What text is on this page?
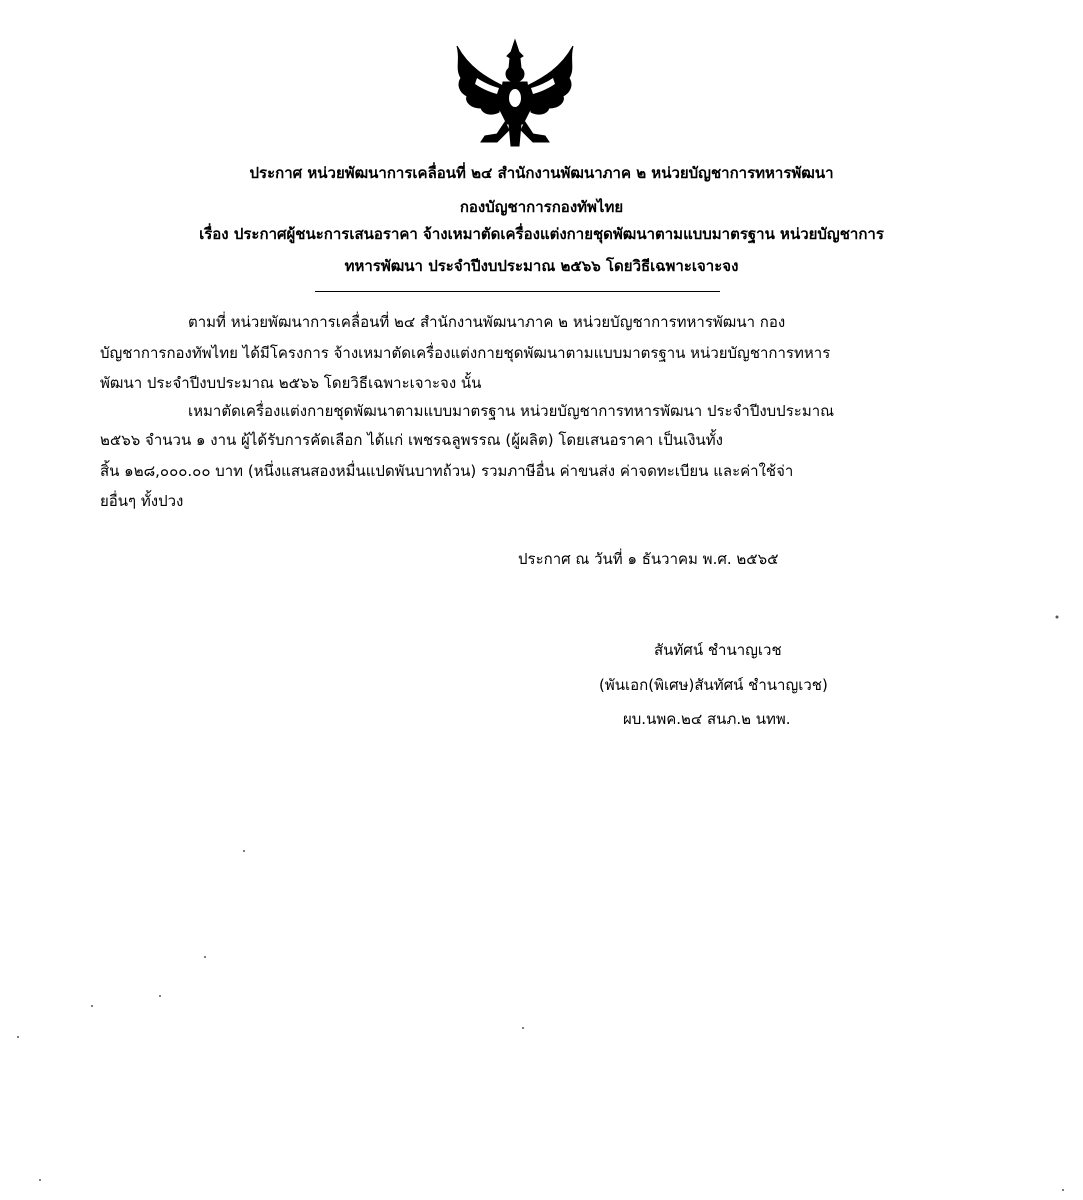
ประกาศ หน่วยพัฒนาการเคลื่อนที่ ๒๔ สำนักงานพัฒนาภาค ๒ หน่วยบัญชาการทหารพัฒนา
กองบัญชาการกองทัพไทย
เรื่อง ประกาศผู้ชนะการเสนอราคา จ้างเหมาตัดเครื่องแต่งกายชุดพัฒนาตามแบบมาตรฐาน หน่วยบัญชาการ
ทหารพัฒนา ประจำปีงบประมาณ ๒๕๖๖ โดยวิธีเฉพาะเจาะจง
ตามที่ หน่วยพัฒนาการเคลื่อนที่ ๒๔ สำนักงานพัฒนาภาค ๒ หน่วยบัญชาการทหารพัฒนา กอง
บัญชาการกองทัพไทย ได้มีโครงการ จ้างเหมาตัดเครื่องแต่งกายชุดพัฒนาตามแบบมาตรฐาน หน่วยบัญชาการทหาร
พัฒนา ประจำปีงบประมาณ ๒๕๖๖ โดยวิธีเฉพาะเจาะจง นั้น
เหมาตัดเครื่องแต่งกายชุดพัฒนาตามแบบมาตรฐาน หน่วยบัญชาการทหารพัฒนา ประจำปีงบประมาณ
๒๕๖๖ จำนวน ๑ งาน ผู้ได้รับการคัดเลือก ได้แก่ เพชรฉลูพรรณ (ผู้ผลิต) โดยเสนอราคา เป็นเงินทั้ง
สิ้น ๑๒๘,๐๐๐.๐๐ บาท (หนึ่งแสนสองหมื่นแปดพันบาทถ้วน) รวมภาษีอื่น ค่าขนส่ง ค่าจดทะเบียน และค่าใช้จ่า
ยอื่นๆ ทั้งปวง
ประกาศ ณ วันที่ ๑ ธันวาคม พ.ศ. ๒๕๖๕
สันทัศน์ ชำนาญเวช
(พันเอก(พิเศษ)สันทัศน์ ชำนาญเวช)
ผบ.นพค.๒๔ สนภ.๒ นทพ.
